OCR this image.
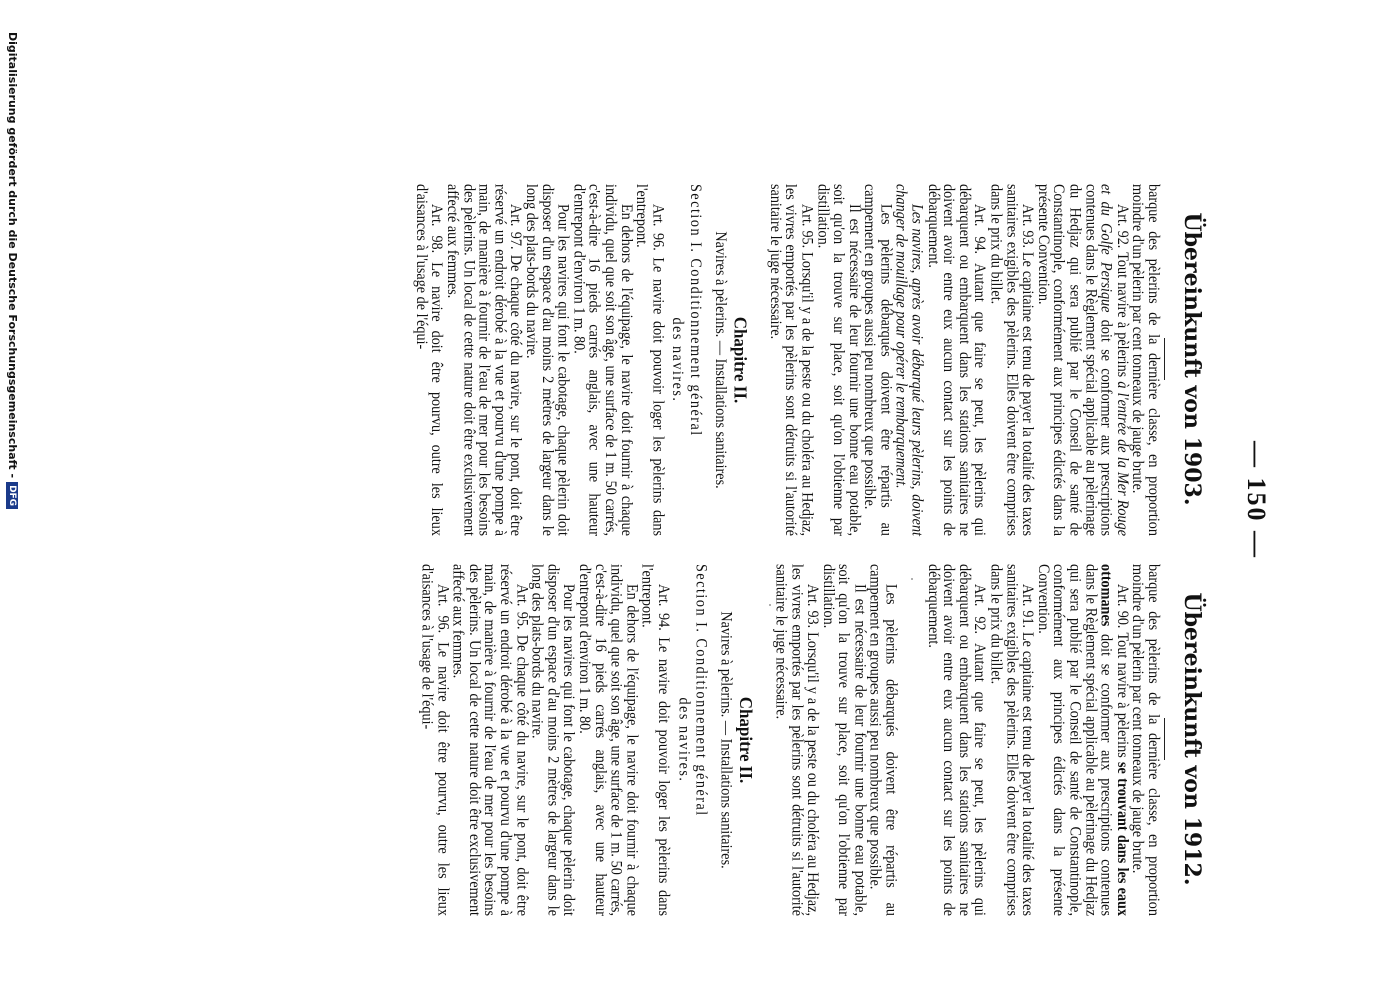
— 150 —
Übereinkunft von 1903.
Übereinkunft von 1912.

barque des pèlerins de la dernière classe, en proportion moindre d'un pèlerin par cent tonneaux de jauge brute.

Art. 92. Tout navire à pèlerins à l'entrée de la Mer Rouge et du Golfe Persique doit se conformer aux prescriptions contenues dans le Règlement spécial applicable au pèlerinage du Hedjaz qui sera publié par le Conseil de santé de Constantinople, conformément aux principes édictés dans la présente Convention.

Art. 93. Le capitaine est tenu de payer la totalité des taxes sanitaires exigibles des pèlerins. Elles doivent être comprises dans le prix du billet.

Art. 94. Autant que faire se peut, les pèlerins qui débarquent ou embarquent dans les stations sanitaires ne doivent avoir entre eux aucun contact sur les points de débarquement.

Les navires, après avoir débarqué leurs pèlerins, doivent changer de mouillage pour opérer le rembarquement.

Les pèlerins débarqués doivent être répartis au campement en groupes aussi peu nombreux que possible.

Il est nécessaire de leur fournir une bonne eau potable, soit qu'on la trouve sur place, soit qu'on l'obtienne par distillation.

Art. 95. Lorsqu'il y a de la peste ou du choléra au Hedjaz, les vivres emportés par les pèlerins sont détruits si l'autorité sanitaire le juge nécessaire.

Chapitre II.
Navires à pèlerins. — Installations sanitaires.
Section I. Conditionnement général
des navires.

Art. 96. Le navire doit pouvoir loger les pèlerins dans l'entrepont.

En dehors de l'équipage, le navire doit fournir à chaque individu, quel que soit son âge, une surface de 1 m. 50 carrés, c'est-à-dire 16 pieds carrés anglais, avec une hauteur d'entrepont d'environ 1 m. 80.

Pour les navires qui font le cabotage, chaque pèlerin doit disposer d'un espace d'au moins 2 mètres de largeur dans le long des plats-bords du navire.

Art. 97. De chaque côté du navire, sur le pont, doit être réservé un endroit dérobé à la vue et pourvu d'une pompe à main, de manière à fournir de l'eau de mer pour les besoins des pèlerins. Un local de cette nature doit être exclusivement affecté aux femmes.

Art. 98. Le navire doit être pourvu, outre les lieux d'aisances à l'usage de l'équi-

barque des pèlerins de la dernière classe, en proportion moindre d'un pèlerin par cent tonneaux de jauge brute.

Art. 90. Tout navire à pèlerins se trouvant dans les eaux ottomanes doit se conformer aux prescriptions contenues dans le Règlement spécial applicable au pèlerinage du Hedjaz qui sera publié par le Conseil de santé de Constantinople, conformément aux principes édictés dans la présente Convention.

Art. 91. Le capitaine est tenu de payer la totalité des taxes sanitaires exigibles des pèlerins. Elles doivent être comprises dans le prix du billet.

Art. 92. Autant que faire se peut, les pèlerins qui débarquent ou embarquent dans les stations sanitaires ne doivent avoir entre eux aucun contact sur les points de débarquement.

Les pèlerins débarqués doivent être répartis au campement en groupes aussi peu nombreux que possible.

Il est nécessaire de leur fournir une bonne eau potable, soit qu'on la trouve sur place, soit qu'on l'obtienne par distillation.

Art. 93. Lorsqu'il y a de la peste ou du choléra au Hedjaz, les vivres emportés par les pèlerins sont détruits si l'autorité sanitaire le juge nécessaire.

Chapitre II.
Navires à pèlerins. — Installations sanitaires.
Section I. Conditionnement général
des navires.

Art. 94. Le navire doit pouvoir loger les pèlerins dans l'entrepont.

En dehors de l'équipage, le navire doit fournir à chaque individu, quel que soit son âge, une surface de 1 m. 50 carrés, c'est-à-dire 16 pieds carrés anglais, avec une hauteur d'entrepont d'environ 1 m. 80.

Pour les navires qui font le cabotage, chaque pèlerin doit disposer d'un espace d'au moins 2 mètres de largeur dans le long des plats-bords du navire.

Art. 95. De chaque côté du navire, sur le pont, doit être réservé un endroit dérobé à la vue et pourvu d'une pompe à main, de manière à fournir de l'eau de mer pour les besoins des pèlerins. Un local de cette nature doit être exclusivement affecté aux femmes.

Art. 96. Le navire doit être pourvu, outre les lieux d'aisances à l'usage de l'équi-

Digitalisierung gefördert durch die Deutsche Forschungsgemeinschaft -DFG
